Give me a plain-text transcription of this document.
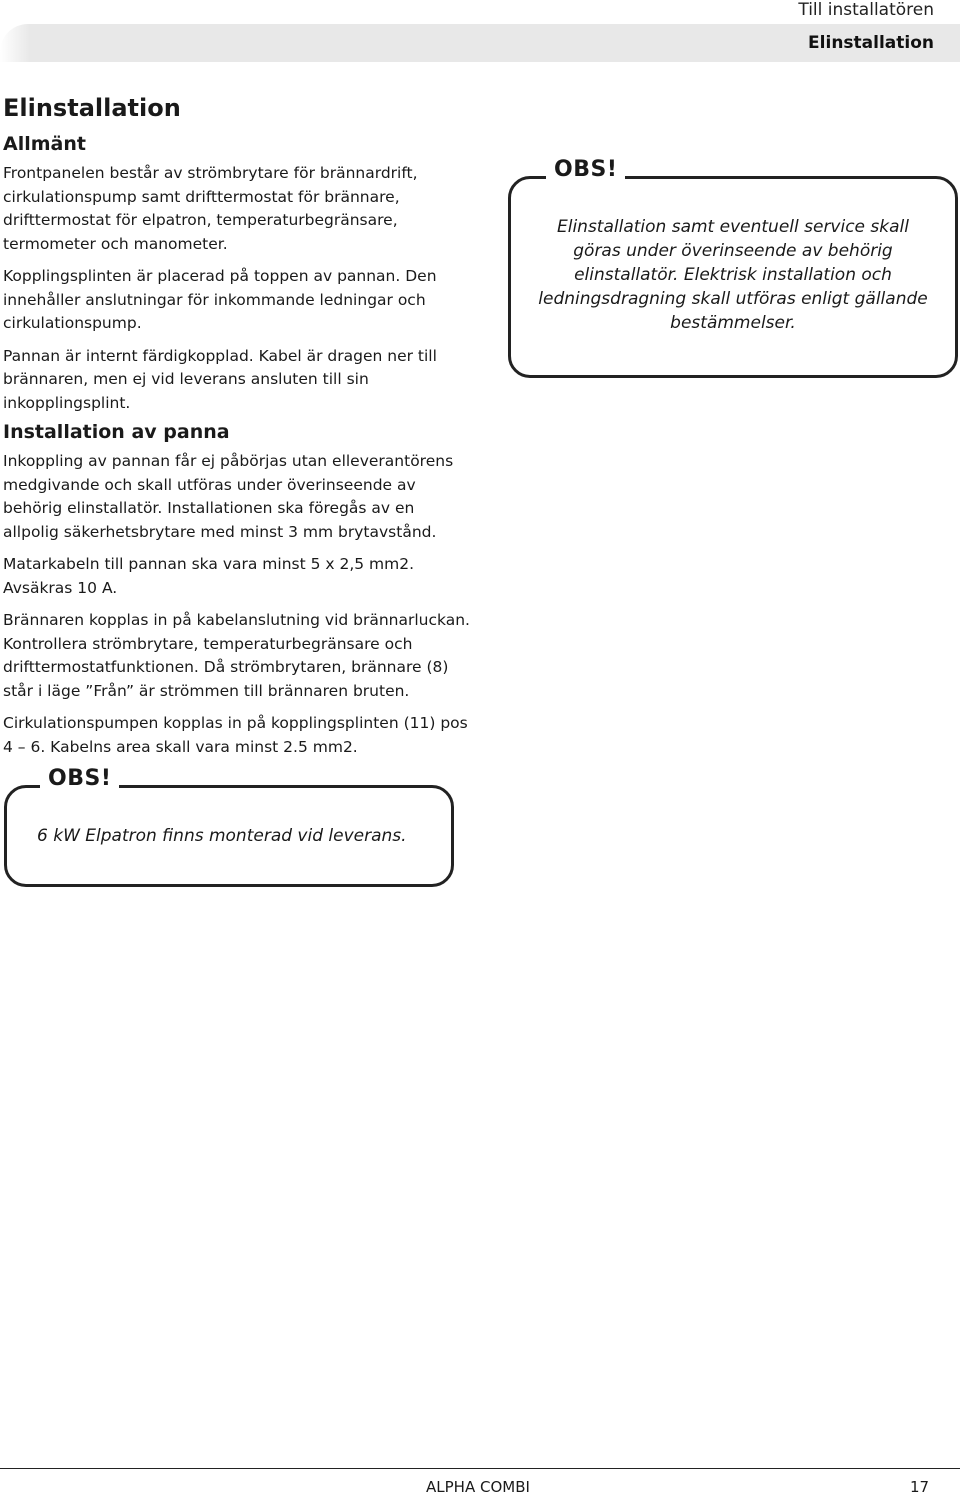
Till installatören
Elinstallation
Elinstallation
Allmänt

Frontpanelen består av strömbrytare för brännardrift, cirkulationspump samt drifttermostat för brännare, drifttermostat för elpatron, temperaturbegränsare, termometer och manometer.

Kopplingsplinten är placerad på toppen av pannan. Den innehåller anslutningar för inkommande ledningar och cirkulationspump.

Pannan är internt färdigkopplad. Kabel är dragen ner till brännaren, men ej vid leverans ansluten till sin inkopplingsplint.

Elinstallation samt eventuell service skall göras under överinseende av behörig elinstallatör. Elektrisk installation och ledningsdragning skall utföras enligt gällande bestämmelser.

OBS!
Installation av panna

Inkoppling av pannan får ej påbörjas utan elleverantörens medgivande och skall utföras under överinseende av behörig elinstallatör. Installationen ska föregås av en allpolig säkerhetsbrytare med minst 3 mm brytavstånd.

Matarkabeln till pannan ska vara minst 5 x 2,5 mm2. Avsäkras 10 A.

Brännaren kopplas in på kabelanslutning vid brännarluckan. Kontrollera strömbrytare, temperaturbegränsare och drifttermostatfunktionen. Då strömbrytaren, brännare (8) står i läge ”Från” är strömmen till brännaren bruten.

Cirkulationspumpen kopplas in på kopplingsplinten (11) pos 4 – 6. Kabelns area skall vara minst 2.5 mm2.

6 kW Elpatron finns monterad vid leverans.

OBS!
ALPHA COMBI	17
